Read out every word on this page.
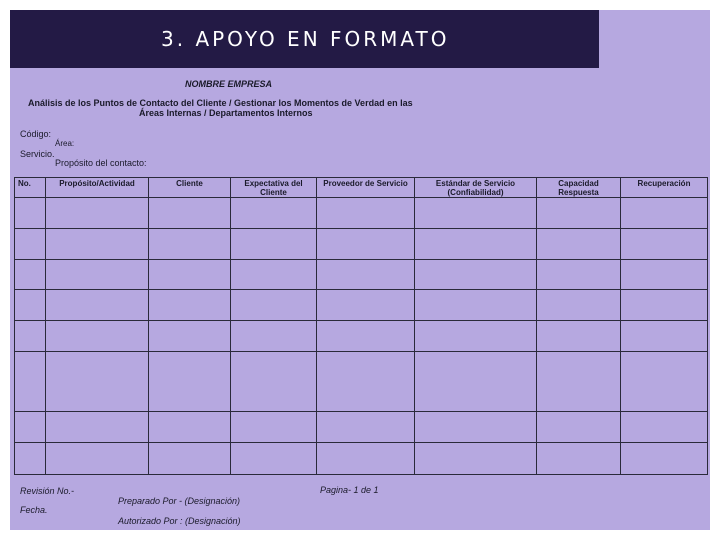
3. APOYO EN FORMATO
NOMBRE EMPRESA
Análisis de los Puntos de Contacto del Cliente / Gestionar los Momentos de Verdad en las
Áreas Internas / Departamentos Internos
Código:
Área:
Servicio.
Propósito del contacto:
No.	Propósito/Actividad	Cliente	Expectativa del Cliente	Proveedor de Servicio	Estándar de Servicio (Confiabilidad)	Capacidad Respuesta	Recuperación

Revisión No.-	Pagina- 1 de 1
Preparado Por - (Designación)
Fecha.
Autorizado Por : (Designación)
